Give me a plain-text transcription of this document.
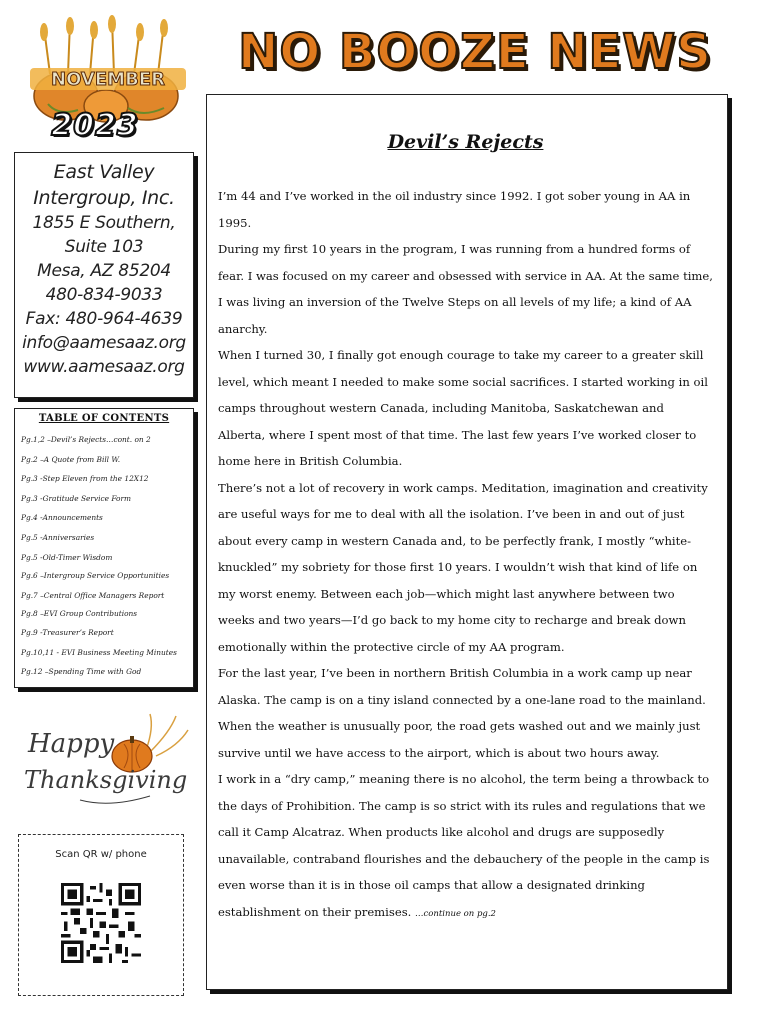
NOVEMBER
2023
NO BOOZE NEWS
East Valley
Intergroup, Inc.
1855 E Southern,
Suite 103
Mesa, AZ 85204
480-834-9033
Fax: 480-964-4639
info@aamesaaz.org
www.aamesaaz.org
TABLE OF CONTENTS
Pg.1,2 –Devil’s Rejects…cont. on 2
Pg.2 –A Quote from Bill W.
Pg.3 -Step Eleven from the 12X12
Pg.3 -Gratitude Service Form
Pg.4 -Announcements
Pg.5 -Anniversaries
Pg.5 -Old-Timer Wisdom
Pg.6 –Intergroup Service Opportunities
Pg.7 –Central Office Managers Report
Pg.8 –EVI Group Contributions
Pg.9 -Treasurer’s Report
Pg.10,11 - EVI Business Meeting Minutes
Pg.12 –Spending Time with God
Happy
Thanksgiving
Scan QR w/ phone
Devil’s Rejects

I’m 44 and I’ve worked in the oil industry since 1992. I got sober young in AA in 1995.

During my first 10 years in the program, I was running from a hundred forms of fear. I was focused on my career and obsessed with service in AA. At the same time, I was living an inversion of the Twelve Steps on all levels of my life; a kind of AA anarchy.

When I turned 30, I finally got enough courage to take my career to a greater skill level, which meant I needed to make some social sacrifices. I started working in oil camps throughout western Canada, including Manitoba, Saskatchewan and Alberta, where I spent most of that time. The last few years I’ve worked closer to home here in British Columbia.

There’s not a lot of recovery in work camps. Meditation, imagination and creativity are useful ways for me to deal with all the isolation. I’ve been in and out of just about every camp in western Canada and, to be perfectly frank, I mostly “white-knuckled” my sobriety for those first 10 years. I wouldn’t wish that kind of life on my worst enemy. Between each job—which might last anywhere between two weeks and two years—I’d go back to my home city to recharge and break down emotionally within the protective circle of my AA program.

For the last year, I’ve been in northern British Columbia in a work camp up near Alaska. The camp is on a tiny island connected by a one-lane road to the mainland. When the weather is unusually poor, the road gets washed out and we mainly just survive until we have access to the airport, which is about two hours away.

I work in a “dry camp,” meaning there is no alcohol, the term being a throwback to the days of Prohibition. The camp is so strict with its rules and regulations that we call it Camp Alcatraz. When products like alcohol and drugs are supposedly unavailable, contraband flourishes and the debauchery of the people in the camp is even worse than it is in those oil camps that allow a designated drinking establishment on their premises. …continue on pg.2
